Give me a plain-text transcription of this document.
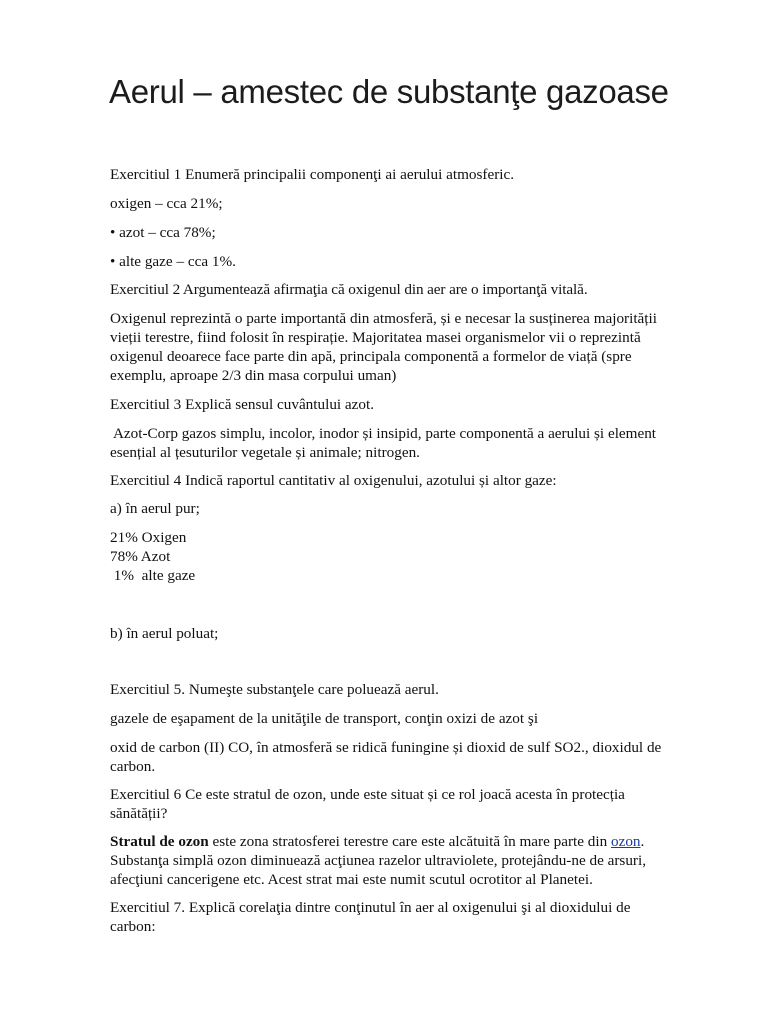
Aerul – amestec de substanţe gazoase

Exercitiul 1 Enumeră principalii componenţi ai aerului atmosferic.

oxigen – cca 21%;

• azot – cca 78%;

• alte gaze – cca 1%.

Exercitiul 2 Argumentează afirmaţia că oxigenul din aer are o importanţă vitală.

Oxigenul reprezintă o parte importantă din atmosferă, și e necesar la susținerea majorității
vieții terestre, fiind folosit în respirație. Majoritatea masei organismelor vii o reprezintă
oxigenul deoarece face parte din apă, principala componentă a formelor de viață (spre
exemplu, aproape 2/3 din masa corpului uman)

Exercitiul 3 Explică sensul cuvântului azot.

Azot-Corp gazos simplu, incolor, inodor și insipid, parte componentă a aerului și element
esențial al țesuturilor vegetale și animale; nitrogen.

Exercitiul 4 Indică raportul cantitativ al oxigenului, azotului și altor gaze:

a) în aerul pur;

21% Oxigen
78% Azot
1%  alte gaze

b) în aerul poluat;

Exercitiul 5. Numeşte substanţele care poluează aerul.

gazele de eşapament de la unităţile de transport, conţin oxizi de azot şi

oxid de carbon (II) CO, în atmosferă se ridică funingine și dioxid de sulf SO2., dioxidul de
carbon.
Exercitiul 6 Ce este stratul de ozon, unde este situat și ce rol joacă acesta în protecția
sănătății?
Stratul de ozon este zona stratosferei terestre care este alcătuită în mare parte din ozon.
Substanţa simplă ozon diminuează acţiunea razelor ultraviolete, protejându-ne de arsuri,
afecţiuni cancerigene etc. Acest strat mai este numit scutul ocrotitor al Planetei.
Exercitiul 7. Explică corelaţia dintre conţinutul în aer al oxigenului şi al dioxidului de
carbon:
